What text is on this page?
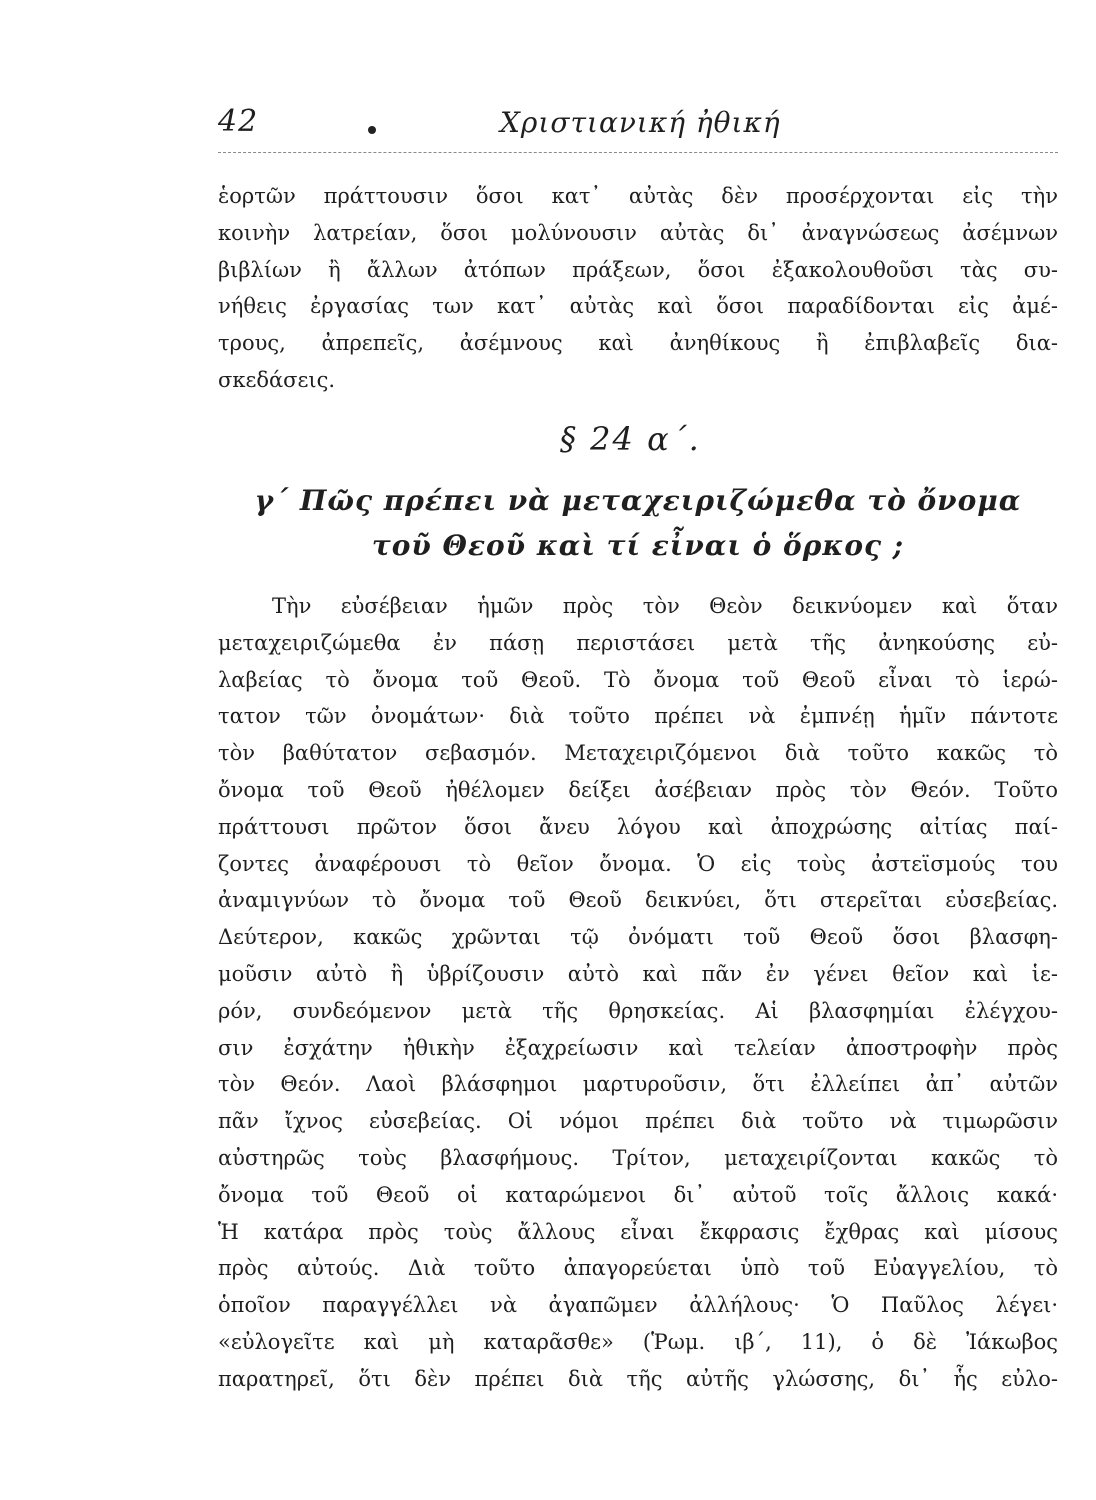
42	Χριστιανική ἠθική
ἑορτῶν πράττουσιν ὅσοι κατ᾽ αὐτὰς δὲν προσέρχονται εἰς τὴν
κοινὴν λατρείαν, ὅσοι μολύνουσιν αὐτὰς δι᾽ ἀναγνώσεως ἀσέμνων
βιβλίων ἢ ἄλλων ἀτόπων πράξεων, ὅσοι ἐξακολουθοῦσι τὰς συ-
νήθεις ἐργασίας των κατ᾽ αὐτὰς καὶ ὅσοι παραδίδονται εἰς ἀμέ-
τρους, ἀπρεπεῖς, ἀσέμνους καὶ ἀνηθίκους ἢ ἐπιβλαβεῖς δια-
σκεδάσεις.
§ 24 α΄.
γ΄ Πῶς πρέπει νὰ μεταχειριζώμεθα τὸ ὄνομα
τοῦ Θεοῦ καὶ τί εἶναι ὁ ὅρκος ;
Τὴν εὐσέβειαν ἡμῶν πρὸς τὸν Θεὸν δεικνύομεν καὶ ὅταν
μεταχειριζώμεθα ἐν πάσῃ περιστάσει μετὰ τῆς ἀνηκούσης εὐ-
λαβείας τὸ ὄνομα τοῦ Θεοῦ. Τὸ ὄνομα τοῦ Θεοῦ εἶναι τὸ ἱερώ-
τατον τῶν ὀνομάτων· διὰ τοῦτο πρέπει νὰ ἐμπνέῃ ἡμῖν πάντοτε
τὸν βαθύτατον σεβασμόν. Μεταχειριζόμενοι διὰ τοῦτο κακῶς τὸ
ὄνομα τοῦ Θεοῦ ἠθέλομεν δείξει ἀσέβειαν πρὸς τὸν Θεόν. Τοῦτο
πράττουσι πρῶτον ὅσοι ἄνευ λόγου καὶ ἀποχρώσης αἰτίας παί-
ζοντες ἀναφέρουσι τὸ θεῖον ὄνομα. Ὁ εἰς τοὺς ἀστεϊσμούς του
ἀναμιγνύων τὸ ὄνομα τοῦ Θεοῦ δεικνύει, ὅτι στερεῖται εὐσεβείας.
Δεύτερον, κακῶς χρῶνται τῷ ὀνόματι τοῦ Θεοῦ ὅσοι βλασφη-
μοῦσιν αὐτὸ ἢ ὑβρίζουσιν αὐτὸ καὶ πᾶν ἐν γένει θεῖον καὶ ἱε-
ρόν, συνδεόμενον μετὰ τῆς θρησκείας. Αἱ βλασφημίαι ἐλέγχου-
σιν ἐσχάτην ἠθικὴν ἐξαχρείωσιν καὶ τελείαν ἀποστροφὴν πρὸς
τὸν Θεόν. Λαοὶ βλάσφημοι μαρτυροῦσιν, ὅτι ἐλλείπει ἀπ᾽ αὐτῶν
πᾶν ἴχνος εὐσεβείας. Οἱ νόμοι πρέπει διὰ τοῦτο νὰ τιμωρῶσιν
αὐστηρῶς τοὺς βλασφήμους. Τρίτον, μεταχειρίζονται κακῶς τὸ
ὄνομα τοῦ Θεοῦ οἱ καταρώμενοι δι᾽ αὐτοῦ τοῖς ἄλλοις κακά·
Ἡ κατάρα πρὸς τοὺς ἄλλους εἶναι ἔκφρασις ἔχθρας καὶ μίσους
πρὸς αὐτούς. Διὰ τοῦτο ἀπαγορεύεται ὑπὸ τοῦ Εὐαγγελίου, τὸ
ὁποῖον παραγγέλλει νὰ ἀγαπῶμεν ἀλλήλους· Ὁ Παῦλος λέγει·
«εὐλογεῖτε καὶ μὴ καταρᾶσθε» (Ῥωμ. ιβ΄, 11), ὁ δὲ Ἰάκωβος
παρατηρεῖ, ὅτι δὲν πρέπει διὰ τῆς αὐτῆς γλώσσης, δι᾽ ἧς εὐλο-
